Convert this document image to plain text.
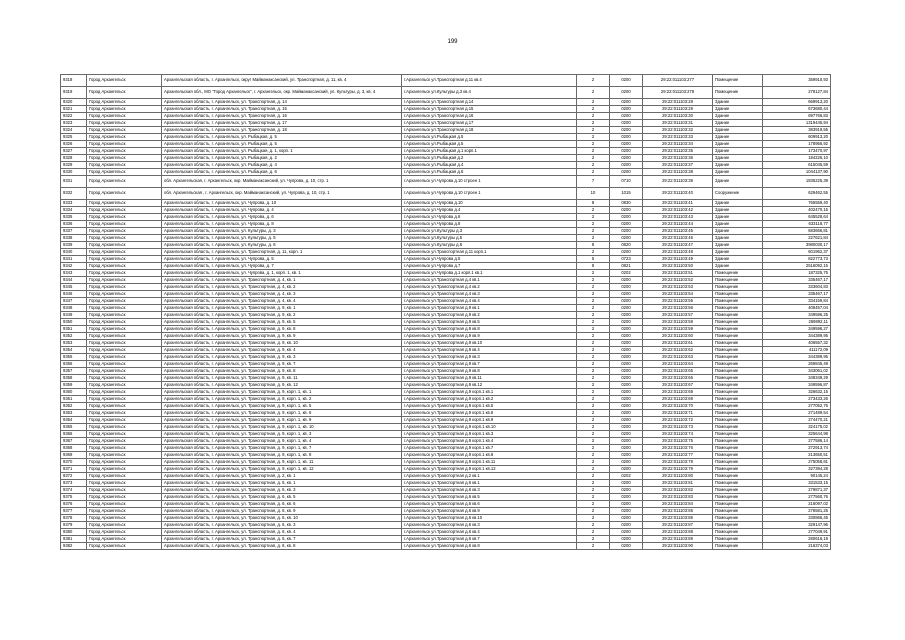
199
9318	Город Архангельск	Архангельская область, г. Архангельск, округ Майманаксанский, ул. Транспортная, д. 11, кв. 4	г.Архангельск ул.Транспортная д.11 кв.4	2	0200	29:22:011103:277	Помещение	359910,93
9319	Город Архангельск	Архангельская обл., МО "Город Архангельск", г. Архангельск, окр. Майманаксанский, ул. Культуры, д. 3, кв. 4	г.Архангельск ул.Культуры д.3 кв.4	2	0200	29:22:011103:278	Помещение	278127,84
9320	Город Архангельск	Архангельская область, г. Архангельск, ул. Транспортная, д. 14	г.Архангельск ул.Транспортная д.14	2	0200	29:22:011103:28	Здание	669913,20
9321	Город Архангельск	Архангельская область, г. Архангельск, ул. Транспортная, д. 15	г.Архангельск ул.Транспортная д.15	2	0200	29:22:011103:29	Здание	673680,44
9322	Город Архангельск	Архангельская область, г. Архангельск, ул. Транспортная, д. 16	г.Архангельск ул.Транспортная д.16	2	0200	29:22:011103:30	Здание	697766,83
9323	Город Архангельск	Архангельская область, г. Архангельск, ул. Транспортная, д. 17	г.Архангельск ул.Транспортная д.17	2	0200	29:22:011103:31	Здание	1319445,94
9324	Город Архангельск	Архангельская область, г. Архангельск, ул. Транспортная, д. 18	г.Архангельск ул.Транспортная д.18	2	0200	29:22:011103:32	Здание	383919,55
9325	Город Архангельск	Архангельская область, г. Архангельск, ул. Рыбацкая, д. 5	г.Архангельск ул.Рыбацкая д.5	2	0200	29:22:011103:33	Здание	609913,20
9326	Город Архангельск	Архангельская область, г. Архангельск, ул. Рыбацкая, д. 5	г.Архангельск ул.Рыбацкая д.5	2	0200	29:22:011103:34	Здание	178956,92
9327	Город Архангельск	Архангельская область, г. Архангельск, ул. Рыбацкая, д. 1, корп. 1	г.Архангельск ул.Рыбацкая д.1 корп.1	2	0200	29:22:011103:35	Здание	173470,97
9328	Город Архангельск	Архангельская область, г. Архангельск, ул. Рыбацкая, д. 2	г.Архангельск ул.Рыбацкая д.2	2	0200	29:22:011103:36	Здание	184226,10
9329	Город Архангельск	Архангельская область, г. Архангельск, ул. Рыбацкая, д. 4	г.Архангельск ул.Рыбацкая д.4	2	0200	29:22:011103:37	Здание	615045,59
9330	Город Архангельск	Архангельская область, г. Архангельск, ул. Рыбацкая, д. 6	г.Архангельск ул.Рыбацкая д.6	2	0200	29:22:011103:38	Здание	1044137,90
9331	Город Архангельск	обл. Архангельская, г. Архангельск, окр. Майманаксанский, ул. Чупрова, д. 10, стр. 1	г.Архангельск ул.Чупрова д.10 строен 1	7	0710	29:22:011103:39	Здание	1835225,39
9332	Город Архангельск	обл. Архангельская , г. Архангельск, окр. Майманаксанский, ул. Чупрова, д. 10, стр. 1	г.Архангельск ул.Чупрова д.10 строен 1	10	1015	29:22:011103:40	Сооружение	629462,55
9333	Город Архангельск	Архангельская область, г. Архангельск, ул. Чупрова, д. 10	г.Архангельск ул.Чупрова д.10	8	0830	29:22:011103:41	Здание	765559,40
9334	Город Архангельск	Архангельская область, г. Архангельск, ул. Чупрова, д. 4	г.Архангельск ул.Чупрова д.4	2	0200	29:22:011103:42	Здание	402470,15
9335	Город Архангельск	Архангельская область, г. Архангельск, ул. Чупрова, д. 6	г.Архангельск ул.Чупрова д.6	2	0200	29:22:011103:43	Здание	645528,64
9336	Город Архангельск	Архангельская область, г. Архангельск, ул. Чупрова, д. 8	г.Архангельск ул.Чупрова д.8	2	0200	29:22:011103:44	Здание	633118,77
9337	Город Архангельск	Архангельская область, г. Архангельск, ул. Культуры, д. 3	г.Архангельск ул.Культуры д.3	2	0200	29:22:011103:45	Здание	683666,81
9338	Город Архангельск	Архангельская область, г. Архангельск, ул. Культуры, д. 5	г.Архангельск ул.Культуры д.5	2	0200	29:22:011103:46	Здание	227621,84
9339	Город Архангельск	Архангельская область, г. Архангельск, ул. Культуры, д. 6	г.Архангельск ул.Культуры д.6	8	0820	29:22:011103:47	Здание	3980030,17
9340	Город Архангельск	Архангельская область, г. Архангельск, ул. Транспортная, д. 11, корп. 1	г.Архангельск ул.Транспортная д.11 корп.1	2	0200	29:22:011103:48	Здание	601962,37
9341	Город Архангельск	Архангельская область, г. Архангельск, ул. Чупрова, д. 5	г.Архангельск ул.Чупрова д.5	5	0723	29:22:011103:49	Здание	822773,73
9342	Город Архангельск	Архангельская область, г. Архангельск, ул. Чупрова, д. 7	г.Архангельск ул.Чупрова д.7	8	0821	29:22:011103:50	Здание	2516092,15
9343	Город Архангельск	Архангельская область, г. Архангельск, ул. Чупрова, д. 1, корп. 1, кв. 1	г.Архангельск ул.Чупрова д.1 корп.1 кв.1	2	0202	29:22:011103:51	Помещение	187325,75
9344	Город Архангельск	Архангельская область, г. Архангельск, ул. Транспортная, д. 4, кв. 1	г.Архангельск ул.Транспортная д.4 кв.1	2	0200	29:22:011103:52	Помещение	335467,17
9345	Город Архангельск	Архангельская область, г. Архангельск, ул. Транспортная, д. 4, кв. 2	г.Архангельск ул.Транспортная д.4 кв.2	2	0200	29:22:011103:53	Помещение	333604,83
9346	Город Архангельск	Архангельская область, г. Архангельск, ул. Транспортная, д. 4, кв. 3	г.Архангельск ул.Транспортная д.4 кв.3	2	0200	29:22:011103:54	Помещение	335467,17
9347	Город Архангельск	Архангельская область, г. Архангельск, ул. Транспортная, д. 4, кв. 4	г.Архангельск ул.Транспортная д.4 кв.4	2	0200	29:22:011103:55	Помещение	334159,84
9348	Город Архангельск	Архангельская область, г. Архангельск, ул. Транспортная, д. 9, кв. 1	г.Архангельск ул.Транспортная д.9 кв.1	2	0200	29:22:011103:56	Помещение	408457,04
9349	Город Архангельск	Архангельская область, г. Архангельск, ул. Транспортная, д. 9, кв. 2	г.Архангельск ул.Транспортная д.9 кв.2	2	0200	29:22:011103:57	Помещение	349596,25
9350	Город Архангельск	Архангельская область, г. Архангельск, ул. Транспортная, д. 9, кв. 5	г.Архангельск ул.Транспортная д.9 кв.5	2	0200	29:22:011103:58	Помещение	269892,11
9351	Город Архангельск	Архангельская область, г. Архангельск, ул. Транспортная, д. 9, кв. 8	г.Архангельск ул.Транспортная д.9 кв.8	2	0200	29:22:011103:59	Помещение	349596,27
9352	Город Архангельск	Архангельская область, г. Архангельск, ул. Транспортная, д. 9, кв. 9	г.Архангельск ул.Транспортная д.9 кв.9	2	0200	29:22:011103:60	Помещение	344389,95
9353	Город Архангельск	Архангельская область, г. Архангельск, ул. Транспортная, д. 9, кв. 10	г.Архангельск ул.Транспортная д.9 кв.10	2	0200	29:22:011103:61	Помещение	406557,32
9354	Город Архангельск	Архангельская область, г. Архангельск, ул. Транспортная, д. 9, кв. 4	г.Архангельск ул.Транспортная д.9 кв.4	2	0200	29:22:011103:62	Помещение	411172,09
9355	Город Архангельск	Архангельская область, г. Архангельск, ул. Транспортная, д. 9, кв. 3	г.Архангельск ул.Транспортная д.9 кв.3	2	0200	29:22:011103:63	Помещение	344389,95
9356	Город Архангельск	Архангельская область, г. Архангельск, ул. Транспортная, д. 9, кв. 7	г.Архангельск ул.Транспортная д.9 кв.7	2	0200	29:22:011103:64	Помещение	269845,49
9357	Город Архангельск	Архангельская область, г. Архангельск, ул. Транспортная, д. 9, кв. 8	г.Архангельск ул.Транспортная д.9 кв.8	2	0200	29:22:011103:65	Помещение	343061,02
9358	Город Архангельск	Архангельская область, г. Архангельск, ул. Транспортная, д. 9, кв. 11	г.Архангельск ул.Транспортная д.9 кв.11	2	0200	29:22:011103:66	Помещение	348349,29
9359	Город Архангельск	Архангельская область, г. Архангельск, ул. Транспортная, д. 9, кв. 12	г.Архангельск ул.Транспортная д.9 кв.12	2	0200	29:22:011103:67	Помещение	349596,87
9360	Город Архангельск	Архангельская область, г. Архангельск, ул. Транспортная, д. 9, корп. 1, кв. 1	г.Архангельск ул.Транспортная д.9 корп.1 кв.1	2	0200	29:22:011103:68	Помещение	326632,15
9361	Город Архангельск	Архангельская область, г. Архангельск, ул. Транспортная, д. 9, корп. 1, кв. 2	г.Архангельск ул.Транспортная д.9 корп.1 кв.2	2	0200	29:22:011103:69	Помещение	273433,26
9362	Город Архангельск	Архангельская область, г. Архангельск, ул. Транспортная, д. 9, корп. 1, кв. 5	г.Архангельск ул.Транспортная д.9 корп.1 кв.5	2	0200	29:22:011103:70	Помещение	277052,76
9363	Город Архангельск	Архангельская область, г. Архангельск, ул. Транспортная, д. 9, корп. 1, кв. 6	г.Архангельск ул.Транспортная д.9 корп.1 кв.6	2	0200	29:22:011103:71	Помещение	271489,54
9364	Город Архангельск	Архангельская область, г. Архангельск, ул. Транспортная, д. 9, корп. 1, кв. 9	г.Архангельск ул.Транспортная д.9 корп.1 кв.9	2	0200	29:22:011103:72	Помещение	274470,21
9365	Город Архангельск	Архангельская область, г. Архангельск, ул. Транспортная, д. 9, корп. 1, кв. 10	г.Архангельск ул.Транспортная д.9 корп.1 кв.10	2	0200	29:22:011103:73	Помещение	324175,02
9366	Город Архангельск	Архангельская область, г. Архангельск, ул. Транспортная, д. 9, корп. 1, кв. 3	г.Архангельск ул.Транспортная д.9 корп.1 кв.3	2	0200	29:22:011103:74	Помещение	325644,98
9367	Город Архангельск	Архангельская область, г. Архангельск, ул. Транспортная, д. 9, корп. 1, кв. 4	г.Архангельск ул.Транспортная д.9 корп.1 кв.4	2	0200	29:22:011103:75	Помещение	277586,14
9368	Город Архангельск	Архангельская область, г. Архангельск, ул. Транспортная, д. 9, корп. 1, кв. 7	г.Архангельск ул.Транспортная д.9 корп.1 кв.7	2	0200	29:22:011103:76	Помещение	272913,74
9369	Город Архангельск	Архангельская область, г. Архангельск, ул. Транспортная, д. 9, корп. 1, кв. 8	г.Архангельск ул.Транспортная д.9 корп.1 кв.8	2	0200	29:22:011103:77	Помещение	213650,51
9370	Город Архангельск	Архангельская область, г. Архангельск, ул. Транспортная, д. 9, корп. 1, кв. 11	г.Архангельск ул.Транспортная д.9 корп.1 кв.11	2	0200	29:22:011103:78	Помещение	275058,81
9371	Город Архангельск	Архангельская область, г. Архангельск, ул. Транспортная, д. 9, корп. 1, кв. 12	г.Архангельск ул.Транспортная д.9 корп.1 кв.12	2	0200	29:22:011103:79	Помещение	327394,28
9372	Город Архангельск	Архангельская область, г. Архангельск, ул. Транспортная, д. 2, кв. 1	г.Архангельск ул.Транспортная д.2 кв.1	2	0202	29:22:011103:80	Помещение	90145,24
9373	Город Архангельск	Архангельская область, г. Архангельск, ул. Транспортная, д. 6, кв. 1	г.Архангельск ул.Транспортная д.6 кв.1	2	0200	29:22:011103:81	Помещение	331533,15
9374	Город Архангельск	Архангельская область, г. Архангельск, ул. Транспортная, д. 6, кв. 3	г.Архангельск ул.Транспортная д.6 кв.3	2	0200	29:22:011103:82	Помещение	279871,37
9375	Город Архангельск	Архангельская область, г. Архангельск, ул. Транспортная, д. 6, кв. 5	г.Архангельск ул.Транспортная д.6 кв.5	2	0200	29:22:011103:83	Помещение	277560,76
9376	Город Архангельск	Архангельская область, г. Архангельск, ул. Транспортная, д. 6, кв. 6	г.Архангельск ул.Транспортная д.6 кв.6	2	0200	29:22:011103:84	Помещение	216097,02
9377	Город Архангельск	Архангельская область, г. Архангельск, ул. Транспортная, д. 6, кв. 9	г.Архангельск ул.Транспортная д.6 кв.9	2	0200	29:22:011103:85	Помещение	276581,25
9378	Город Архангельск	Архангельская область, г. Архангельск, ул. Транспортная, д. 6, кв. 10	г.Архангельск ул.Транспортная д.6 кв.10	2	0200	29:22:011103:86	Помещение	330866,45
9379	Город Архангельск	Архангельская область, г. Архангельск, ул. Транспортная, д. 6, кв. 3	г.Архангельск ул.Транспортная д.6 кв.3	2	0200	29:22:011103:87	Помещение	329147,96
9380	Город Архангельск	Архангельская область, г. Архангельск, ул. Транспортная, д. 6, кв. 4	г.Архангельск ул.Транспортная д.6 кв.4	2	0200	29:22:011103:88	Помещение	277049,91
9381	Город Архангельск	Архангельская область, г. Архангельск, ул. Транспортная, д. 6, кв. 7	г.Архангельск ул.Транспортная д.6 кв.7	2	0200	29:22:011103:89	Помещение	280616,19
9382	Город Архангельск	Архангельская область, г. Архангельск, ул. Транспортная, д. 6, кв. 8	г.Архангельск ул.Транспортная д.6 кв.8	2	0200	29:22:011103:90	Помещение	216374,03
